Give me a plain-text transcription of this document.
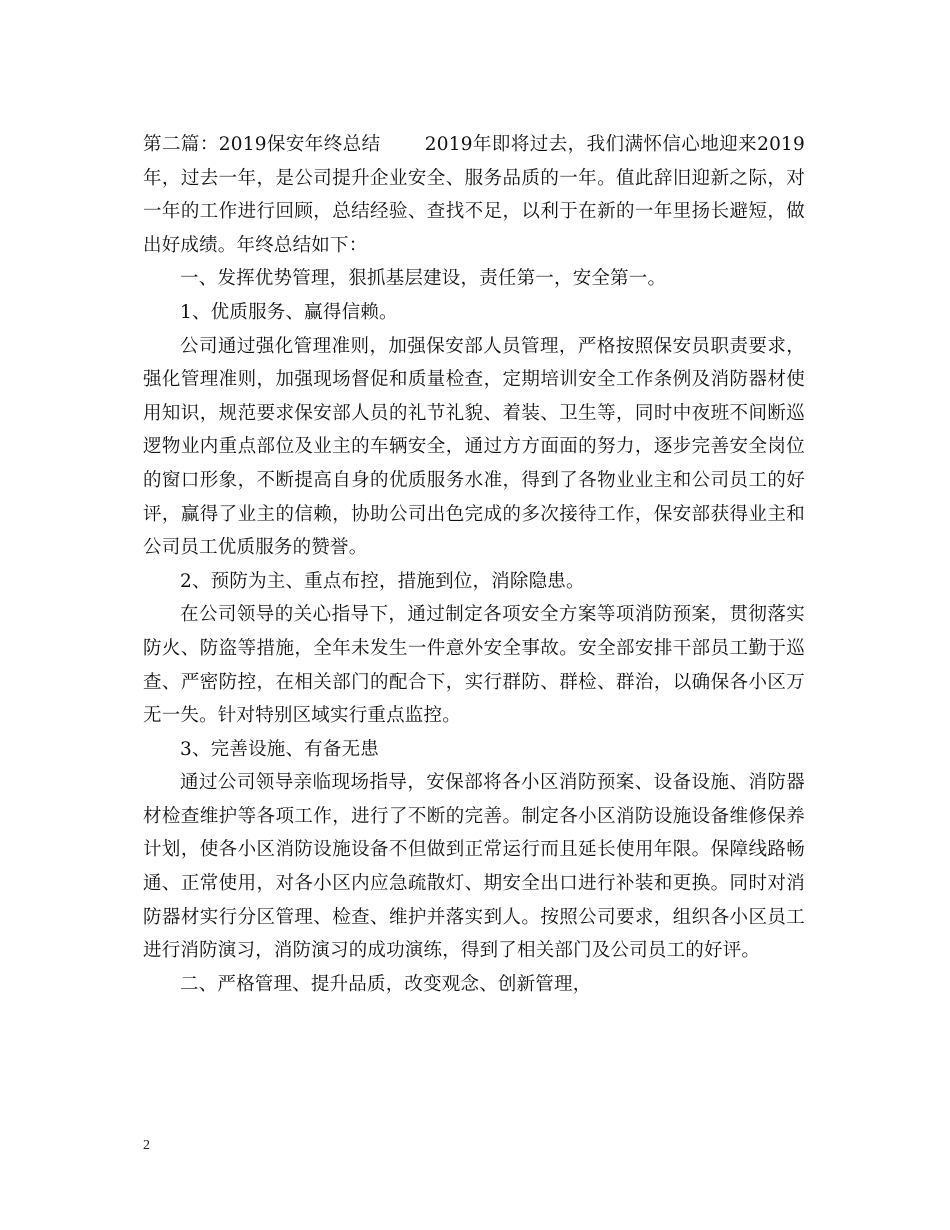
第二篇：2019保安年终总结　　 2019年即将过去，我们满怀信心地迎来2019年，过去一年，是公司提升企业安全、服务品质的一年。值此辞旧迎新之际，对一年的工作进行回顾，总结经验、查找不足，以利于在新的一年里扬长避短，做出好成绩。年终总结如下：

一、发挥优势管理，狠抓基层建设，责任第一，安全第一。

1、优质服务、赢得信赖。

公司通过强化管理准则，加强保安部人员管理，严格按照保安员职责要求，强化管理准则，加强现场督促和质量检查，定期培训安全工作条例及消防器材使用知识，规范要求保安部人员的礼节礼貌、着装、卫生等，同时中夜班不间断巡逻物业内重点部位及业主的车辆安全，通过方方面面的努力，逐步完善安全岗位的窗口形象，不断提高自身的优质服务水准，得到了各物业业主和公司员工的好评，赢得了业主的信赖，协助公司出色完成的多次接待工作，保安部获得业主和公司员工优质服务的赞誉。

2、预防为主、重点布控，措施到位，消除隐患。

在公司领导的关心指导下，通过制定各项安全方案等项消防预案，贯彻落实防火、防盗等措施，全年未发生一件意外安全事故。安全部安排干部员工勤于巡查、严密防控，在相关部门的配合下，实行群防、群检、群治，以确保各小区万无一失。针对特别区域实行重点监控。

3、完善设施、有备无患

通过公司领导亲临现场指导，安保部将各小区消防预案、设备设施、消防器材检查维护等各项工作，进行了不断的完善。制定各小区消防设施设备维修保养计划，使各小区消防设施设备不但做到正常运行而且延长使用年限。保障线路畅通、正常使用，对各小区内应急疏散灯、期安全出口进行补装和更换。同时对消防器材实行分区管理、检查、维护并落实到人。按照公司要求，组织各小区员工进行消防演习，消防演习的成功演练，得到了相关部门及公司员工的好评。

二、严格管理、提升品质，改变观念、创新管理，

2
